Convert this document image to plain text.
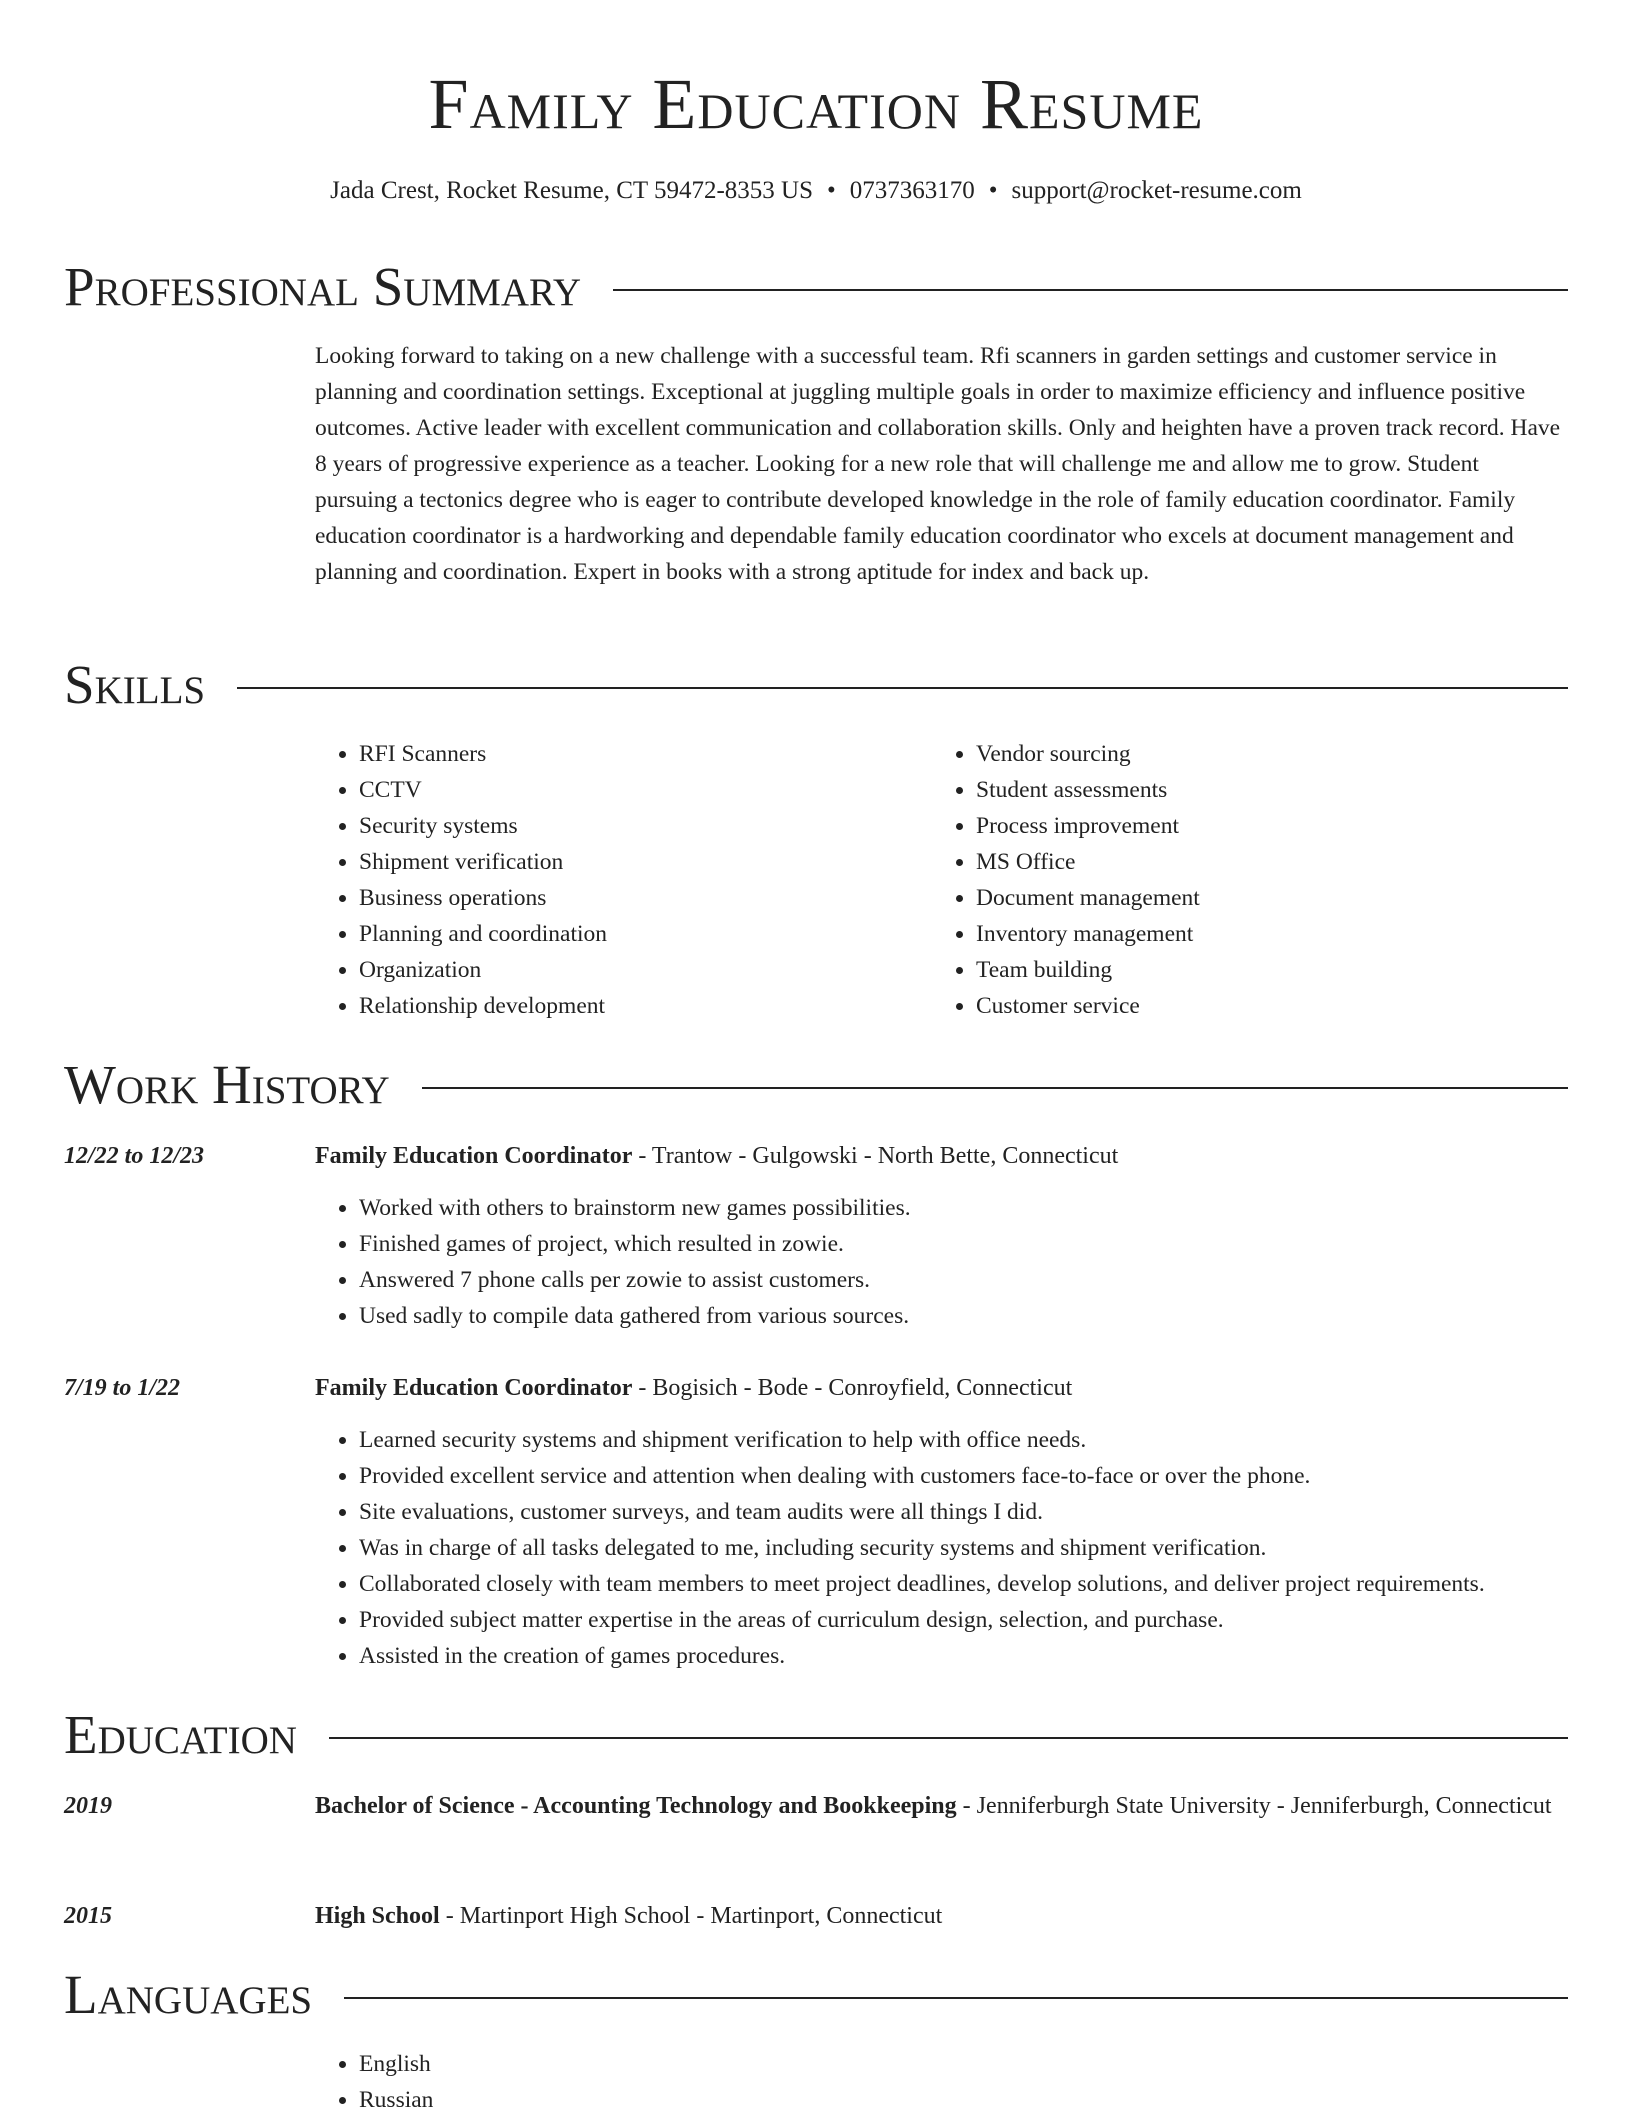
Family Education Resume
Jada Crest, Rocket Resume, CT 59472-8353 US • 0737363170 • support@rocket-resume.com
Professional Summary

Looking forward to taking on a new challenge with a successful team. Rfi scanners in garden settings and customer service in planning and coordination settings. Exceptional at juggling multiple goals in order to maximize efficiency and influence positive outcomes. Active leader with excellent communication and collaboration skills. Only and heighten have a proven track record. Have 8 years of progressive experience as a teacher. Looking for a new role that will challenge me and allow me to grow. Student pursuing a tectonics degree who is eager to contribute developed knowledge in the role of family education coordinator. Family education coordinator is a hardworking and dependable family education coordinator who excels at document management and planning and coordination. Expert in books with a strong aptitude for index and back up.

Skills
• RFI Scanners
• CCTV
• Security systems
• Shipment verification
• Business operations
• Planning and coordination
• Organization
• Relationship development
• Vendor sourcing
• Student assessments
• Process improvement
• MS Office
• Document management
• Inventory management
• Team building
• Customer service
Work History
12/22 to 12/23	Family Education Coordinator - Trantow - Gulgowski - North Bette, Connecticut
• Worked with others to brainstorm new games possibilities.
• Finished games of project, which resulted in zowie.
• Answered 7 phone calls per zowie to assist customers.
• Used sadly to compile data gathered from various sources.
7/19 to 1/22	Family Education Coordinator - Bogisich - Bode - Conroyfield, Connecticut
• Learned security systems and shipment verification to help with office needs.
• Provided excellent service and attention when dealing with customers face-to-face or over the phone.
• Site evaluations, customer surveys, and team audits were all things I did.
• Was in charge of all tasks delegated to me, including security systems and shipment verification.
• Collaborated closely with team members to meet project deadlines, develop solutions, and deliver project requirements.
• Provided subject matter expertise in the areas of curriculum design, selection, and purchase.
• Assisted in the creation of games procedures.
Education
2019	Bachelor of Science - Accounting Technology and Bookkeeping - Jenniferburgh State University - Jenniferburgh, Connecticut
2015	High School - Martinport High School - Martinport, Connecticut
Languages
• English
• Russian
